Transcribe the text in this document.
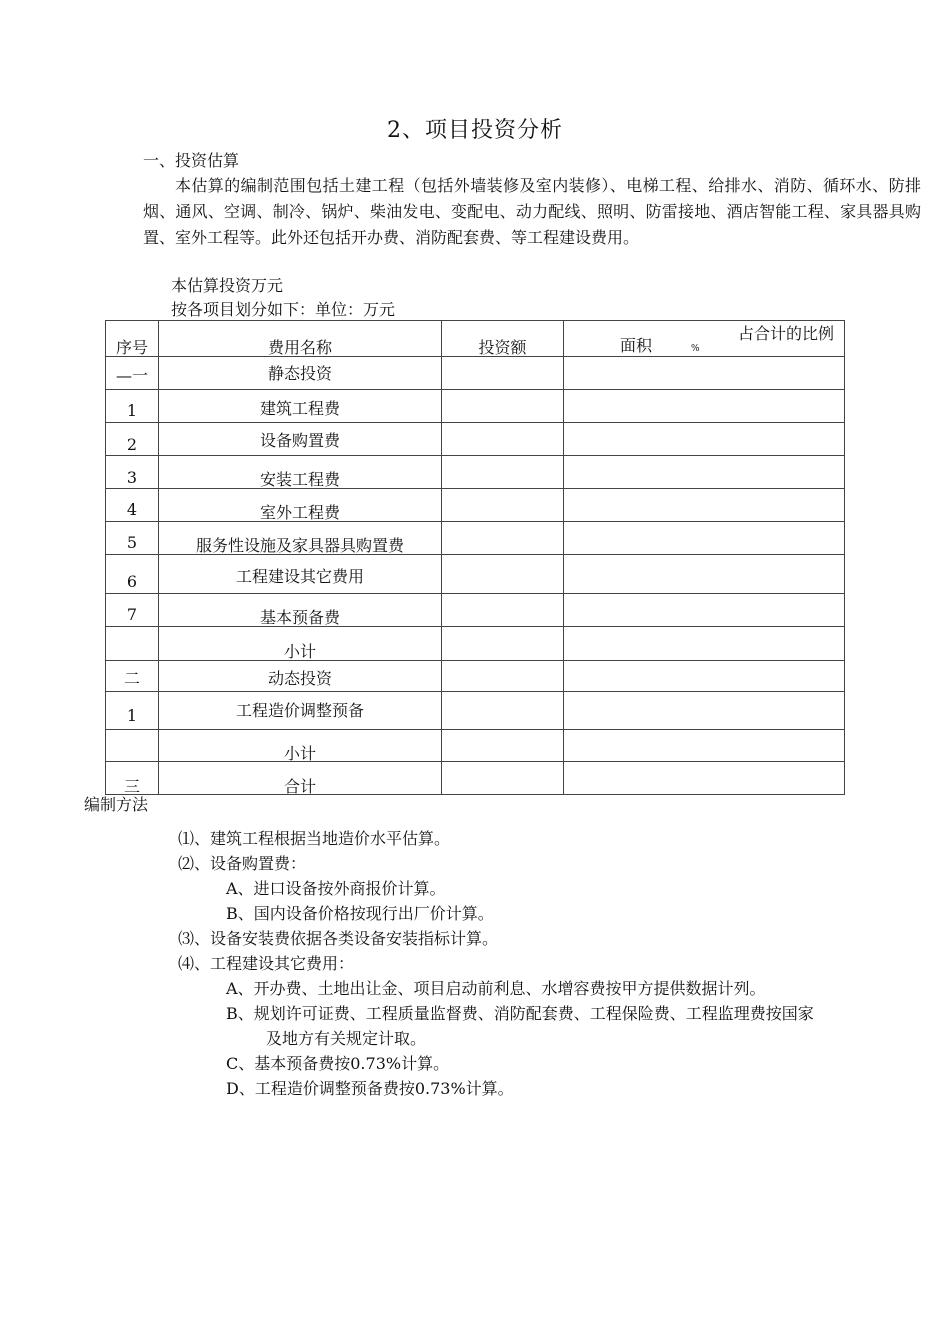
2、项目投资分析
一、投资估算
本估算的编制范围包括土建工程（包括外墙装修及室内装修）、电梯工程、给排水、消防、循环水、防排烟、通风、空调、制冷、锅炉、柴油发电、变配电、动力配线、照明、防雷接地、酒店智能工程、家具器具购置、室外工程等。此外还包括开办费、消防配套费、等工程建设费用。
本估算投资万元
按各项目划分如下：单位：万元
序号	费用名称	投资额	面积 %
占合计的比例

—一	静态投资		

1	建筑工程费		

2	设备购置费		

3	安装工程费		

4	室外工程费		

5	服务性设施及家具器具购置费		

6	工程建设其它费用		

7	基本预备费		

	小计		

二	动态投资		

1	工程造价调整预备		

	小计		

三	合计		

编制方法
⑴、建筑工程根据当地造价水平估算。
⑵、设备购置费：
A、进口设备按外商报价计算。
B、国内设备价格按现行出厂价计算。
⑶、设备安装费依据各类设备安装指标计算。
⑷、工程建设其它费用：
A、开办费、土地出让金、项目启动前利息、水增容费按甲方提供数据计列。
B、规划许可证费、工程质量监督费、消防配套费、工程保险费、工程监理费按国家
及地方有关规定计取。
C、基本预备费按0.73%计算。
D、工程造价调整预备费按0.73%计算。
